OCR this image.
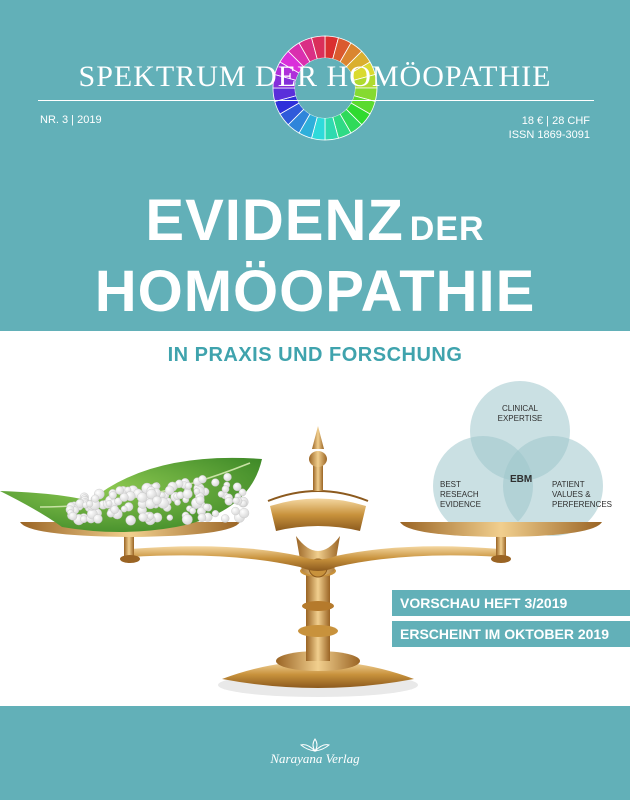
SPEKTRUM DER HOMÖOPATHIE
NR. 3 | 2019	18 € | 28 CHF
ISSN 1869-3091
EVIDENZ DER
HOMÖOPATHIE
IN PRAXIS UND FORSCHUNG
CLINICAL
EXPERTISE
BEST
RESEACH
EVIDENCE
PATIENT
VALUES &
PERFERENCES
EBM
VORSCHAU HEFT 3/2019
ERSCHEINT IM OKTOBER 2019
Narayana Verlag
